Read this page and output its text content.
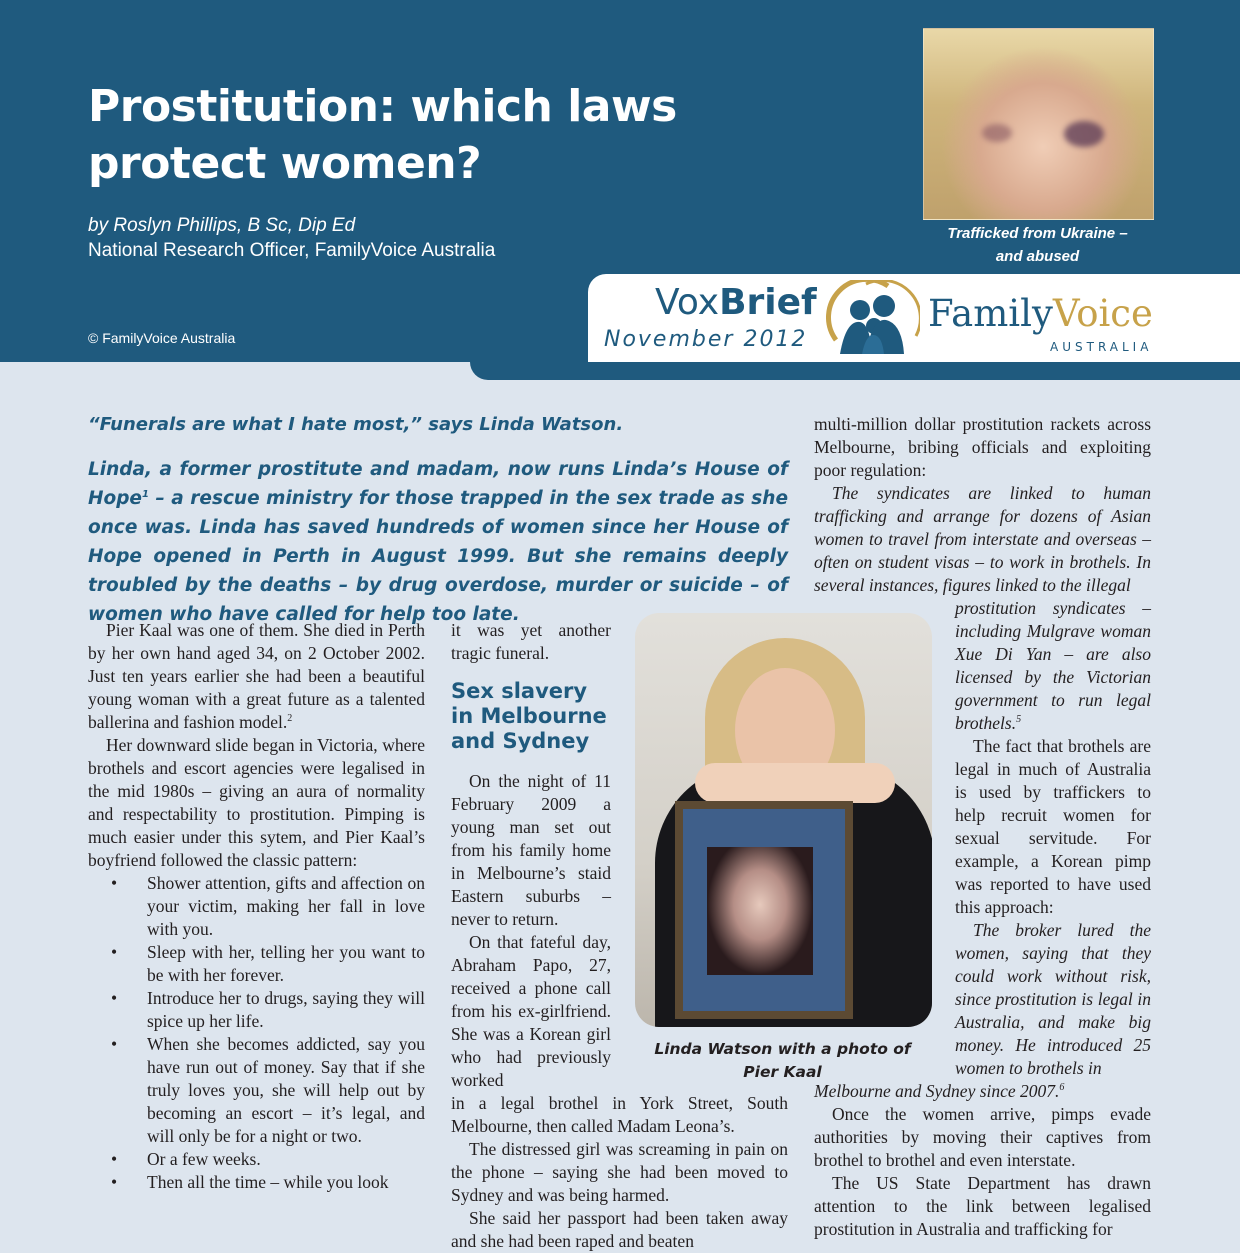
Prostitution: which laws protect women?
by Roslyn Phillips, B Sc, Dip Ed
National Research Officer, FamilyVoice Australia
© FamilyVoice Australia
Trafficked from Ukraine –
and abused
VoxBrief
November 2012
FamilyVoice
AUSTRALIA
“Funerals are what I hate most,” says Linda Watson.

Linda, a former prostitute and madam, now runs Linda’s House of Hope$^1$ – a rescue ministry for those trapped in the sex trade as she once was. Linda has saved hundreds of women since her House of Hope opened in Perth in August 1999. But she remains deeply troubled by the deaths – by drug overdose, murder or suicide – of women who have called for help too late.

Pier Kaal was one of them. She died in Perth by her own hand aged 34, on 2 October 2002. Just ten years earlier she had been a beautiful young woman with a great future as a talented ballerina and fashion model.$^2$

Her downward slide began in Victoria, where brothels and escort agencies were legalised in the mid 1980s – giving an aura of normality and respectability to prostitution. Pimping is much easier under this sytem, and Pier Kaal’s boyfriend followed the classic pattern:

• Shower attention, gifts and affection on your victim, making her fall in love with you.
• Sleep with her, telling her you want to be with her forever.
• Introduce her to drugs, saying they will spice up her life.
• When she becomes addicted, say you have run out of money. Say that if she truly loves you, she will help out by becoming an escort – it’s legal, and will only be for a night or two.
• Or a few weeks.
• Then all the time – while you look

it was yet another tragic funeral.

Sex slavery in Melbourne and Sydney

On the night of 11 February 2009 a young man set out from his family home in Melbourne’s staid Eastern suburbs – never to return.

On that fateful day, Abraham Papo, 27, received a phone call from his ex-girlfriend. She was a Korean girl who had previously worked

in a legal brothel in York Street, South Melbourne, then called Madam Leona’s.

The distressed girl was screaming in pain on the phone – saying she had been moved to Sydney and was being harmed.

She said her passport had been taken away and she had been raped and beaten

Linda Watson with a photo of
Pier Kaal

multi-million dollar prostitution rackets across Melbourne, bribing officials and exploiting poor regulation:

The syndicates are linked to human trafficking and arrange for dozens of Asian women to travel from interstate and overseas – often on student visas – to work in brothels. In several instances, figures linked to the illegal

prostitution syndicates – including Mulgrave woman Xue Di Yan – are also licensed by the Victorian government to run legal brothels.$^5$

The fact that brothels are legal in much of Australia is used by traffickers to help recruit women for sexual servitude. For example, a Korean pimp was reported to have used this approach:

The broker lured the women, saying that they could work without risk, since prostitution is legal in Australia, and make big money. He introduced 25 women to brothels in

Melbourne and Sydney since 2007.$^6$

Once the women arrive, pimps evade authorities by moving their captives from brothel to brothel and even interstate.

The US State Department has drawn attention to the link between legalised prostitution in Australia and trafficking for
